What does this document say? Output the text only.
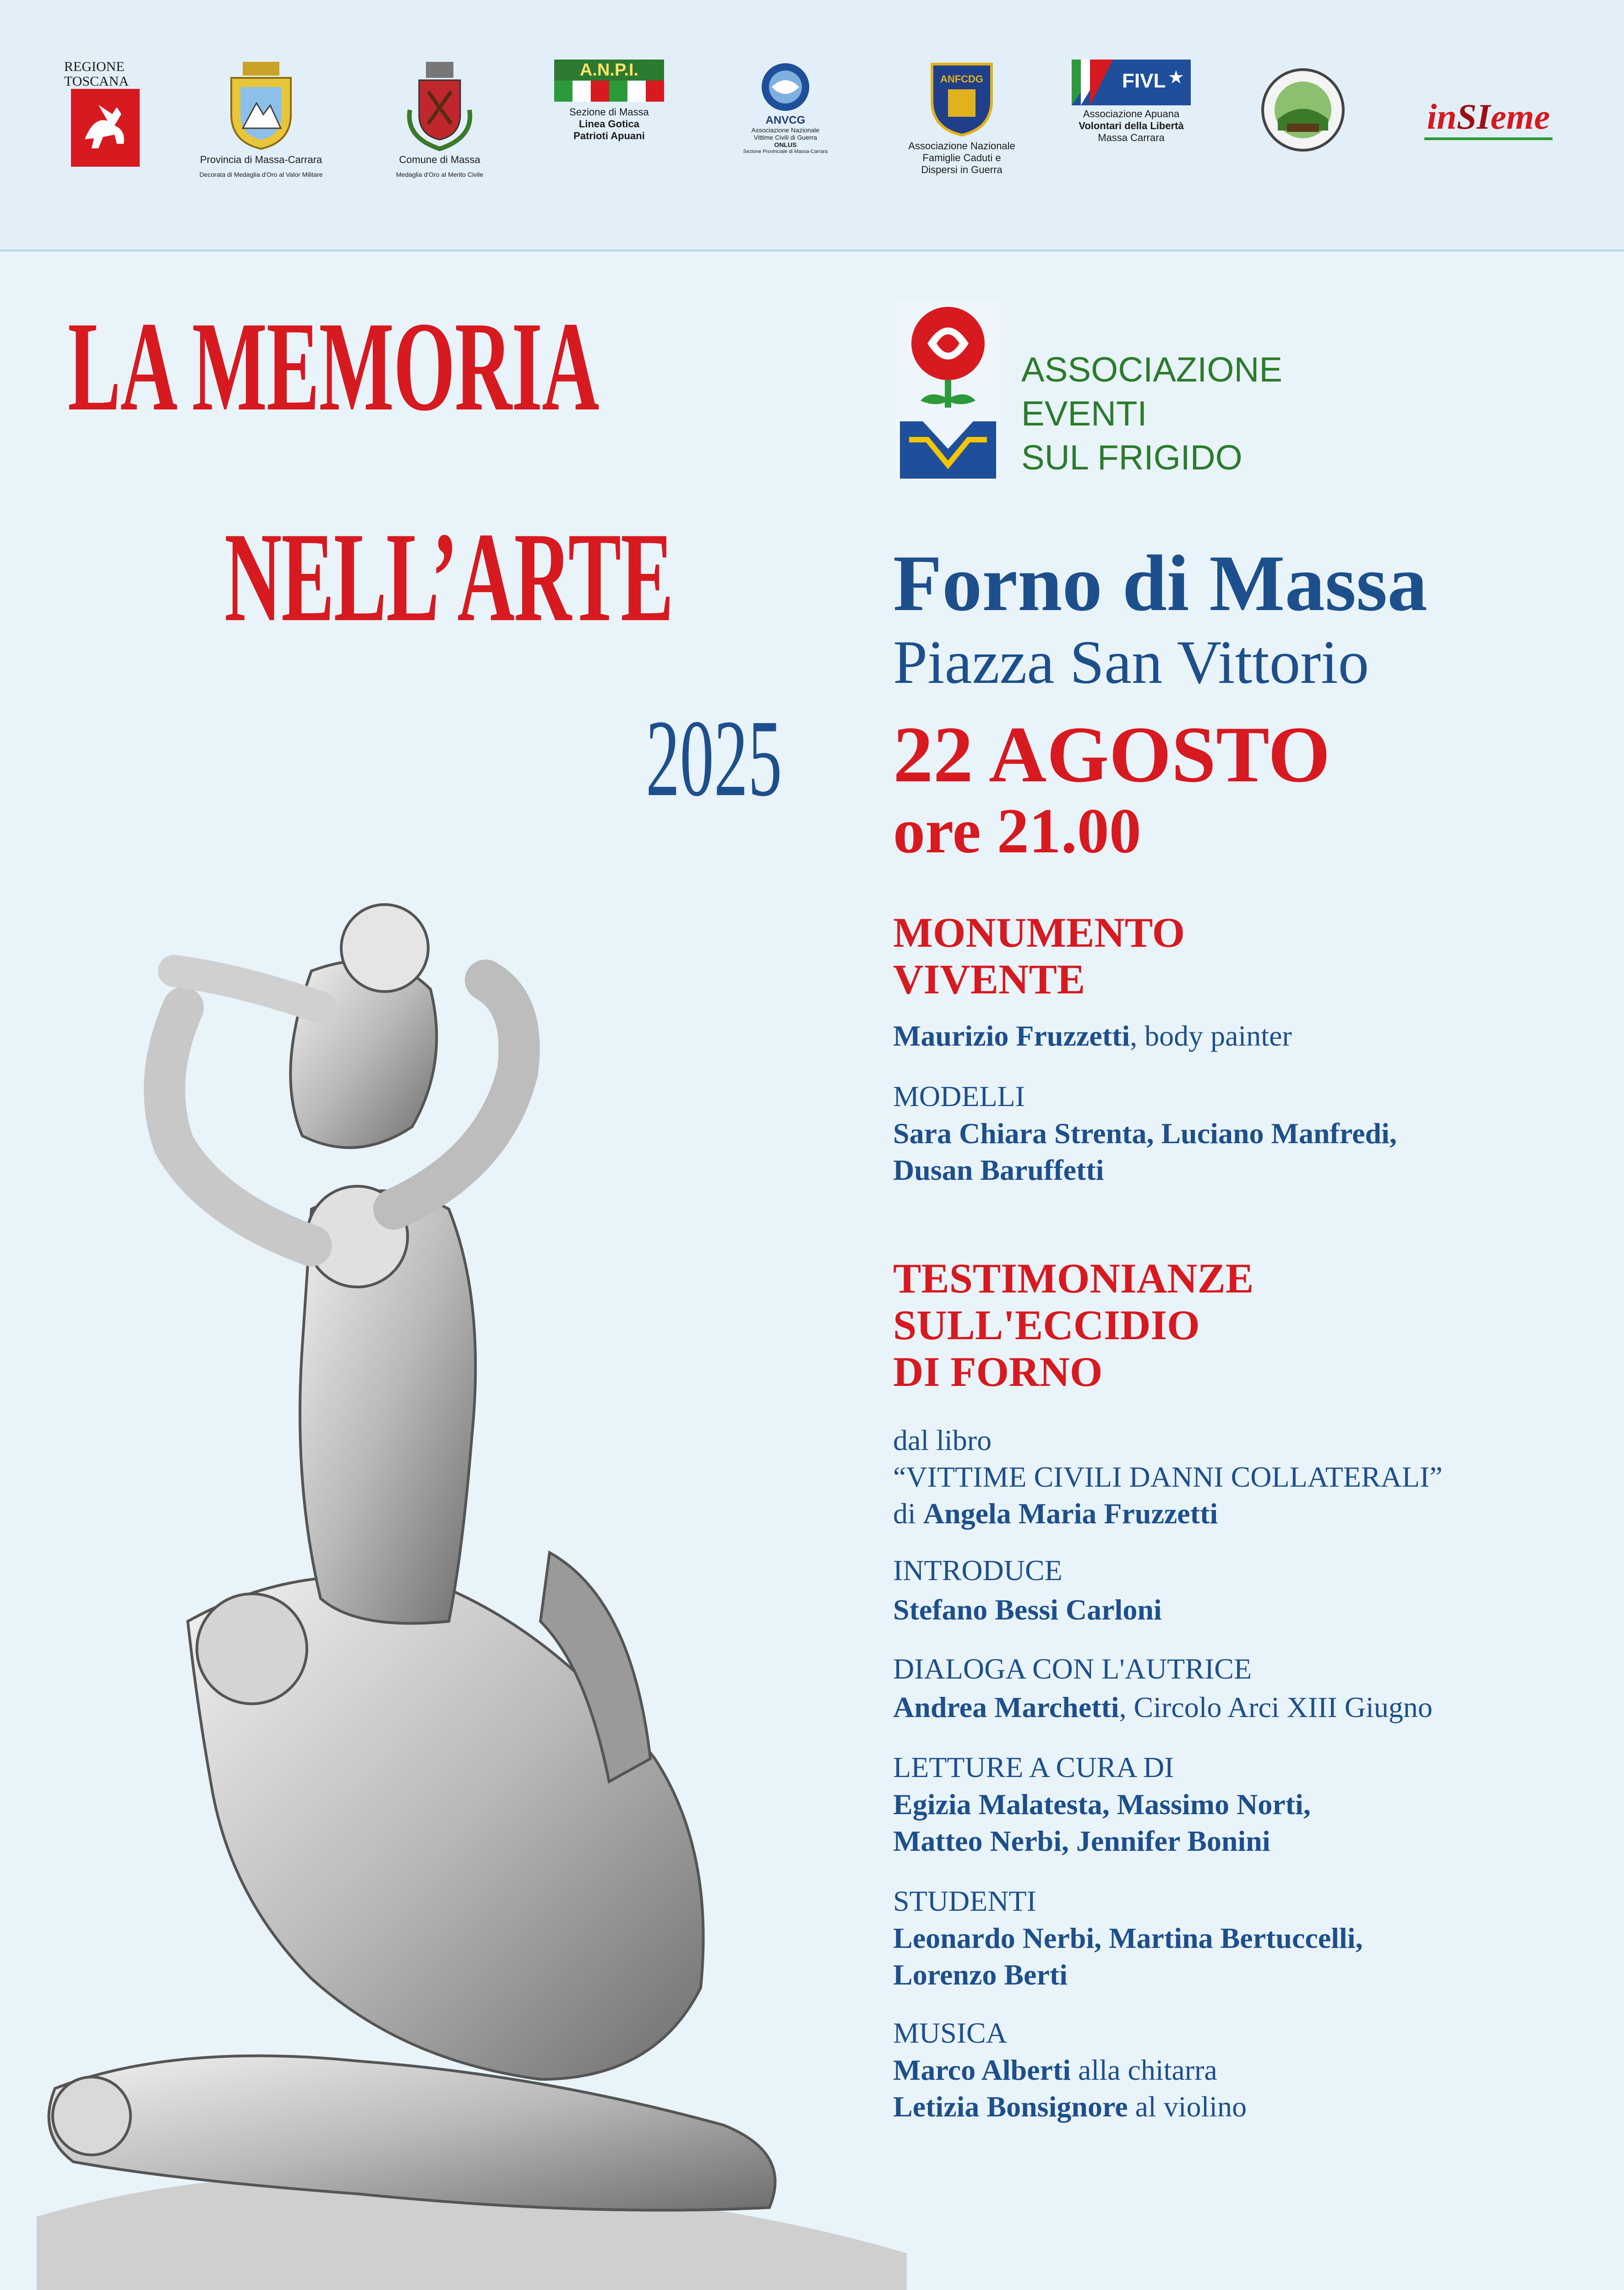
REGIONE
TOSCANA
Provincia di Massa-Carrara
Decorata di Medaglia d'Oro al Valor Militare
Comune di Massa
Medaglia d'Oro al Merito Civile
A.N.P.I.
Sezione di Massa
Linea Gotica
Patrioti Apuani
ANVCG
Associazione Nazionale
Vittime Civili di Guerra
ONLUS
Sezione Provinciale di Massa-Carrara
ANFCDG
Associazione Nazionale
Famiglie Caduti e
Dispersi in Guerra
FIVL ★
Associazione Apuana
Volontari della Libertà
Massa Carrara
inSIeme
LA MEMORIA
NELL’ARTE
2025
ASSOCIAZIONE
EVENTI
SUL FRIGIDO
Forno di Massa
Piazza San Vittorio
22 AGOSTO
ore 21.00
MONUMENTO
VIVENTE
Maurizio Fruzzetti, body painter
MODELLI
Sara Chiara Strenta, Luciano Manfredi,
Dusan Baruffetti
TESTIMONIANZE
SULL'ECCIDIO
DI FORNO
dal libro
“VITTIME CIVILI DANNI COLLATERALI”
di Angela Maria Fruzzetti
INTRODUCE
Stefano Bessi Carloni
DIALOGA CON L'AUTRICE
Andrea Marchetti, Circolo Arci XIII Giugno
LETTURE A CURA DI
Egizia Malatesta, Massimo Norti,
Matteo Nerbi, Jennifer Bonini
STUDENTI
Leonardo Nerbi, Martina Bertuccelli,
Lorenzo Berti
MUSICA
Marco Alberti alla chitarra
Letizia Bonsignore al violino
